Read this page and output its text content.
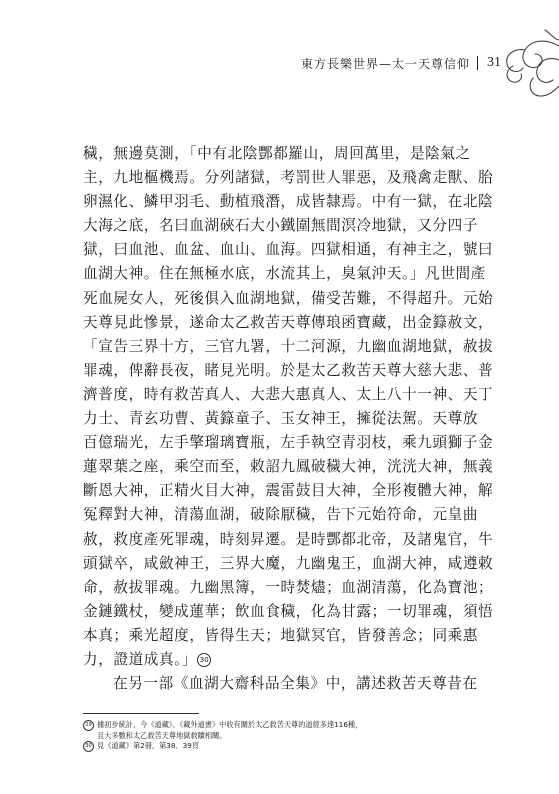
東方長樂世界—太一天尊信仰 31
穢，無邊莫測，「中有北陰酆都羅山，周回萬里，是陰氣之
主，九地樞機焉。分列諸獄，考罰世人罪惡，及飛禽走獸、胎
卵濕化、鱗甲羽毛、動植飛潛，成皆隸焉。中有一獄，在北陰
大海之底，名曰血湖硤石大小鐵圍無間溟冷地獄，又分四子
獄，曰血池、血盆、血山、血海。四獄相通，有神主之，號曰
血湖大神。住在無極水底，水流其上，臭氣沖天。」凡世間產
死血屍女人，死後俱入血湖地獄，備受苦難，不得超升。元始
天尊見此慘景，遂命太乙救苦天尊傳琅函寶藏，出金籙赦文，
「宣告三界十方，三官九署，十二河源，九幽血湖地獄，赦拔
罪魂，俾辭長夜，睹見光明。於是太乙救苦天尊大慈大悲、普
濟普度，時有救苦真人、大悲大惠真人、太上八十一神、天丁
力士、青玄功曹、黃籙童子、玉女神王，擁從法駕。天尊放
百億瑞光，左手擎瑠璃寶瓶，左手執空青羽枝，乘九頭獅子金
蓮翠葉之座，乘空而至，敕詔九鳳破穢大神，洸洸大神，無義
斷恩大神，正精火目大神，震雷鼓目大神，全形複體大神，解
冤釋對大神，清蕩血湖，破除厭穢，告下元始符命，元皇曲
赦，救度產死罪魂，時刻昇遷。是時酆都北帝，及諸鬼官，牛
頭獄卒，咸斂神王，三界大魔，九幽鬼王，血湖大神，咸遵敕
命，赦拔罪魂。九幽黑簿，一時焚燼；血湖清蕩，化為寶池；
金鏈鐵杖，變成蓮華；飲血食穢，化為甘露；一切罪魂，須悟
本真；乘光超度，皆得生天；地獄冥官，皆發善念；同乘惠
力，證道成真。」 30
在另一部《血湖大齋科品全集》中，講述救苦天尊昔在
29 據初步統計，今《道藏》、《藏外道書》中收有關於太乙救苦天尊的道經多達116種，
且大多數和太乙救苦天尊地獄救贖相關。
30 見《道藏》第2冊，第38、39頁
